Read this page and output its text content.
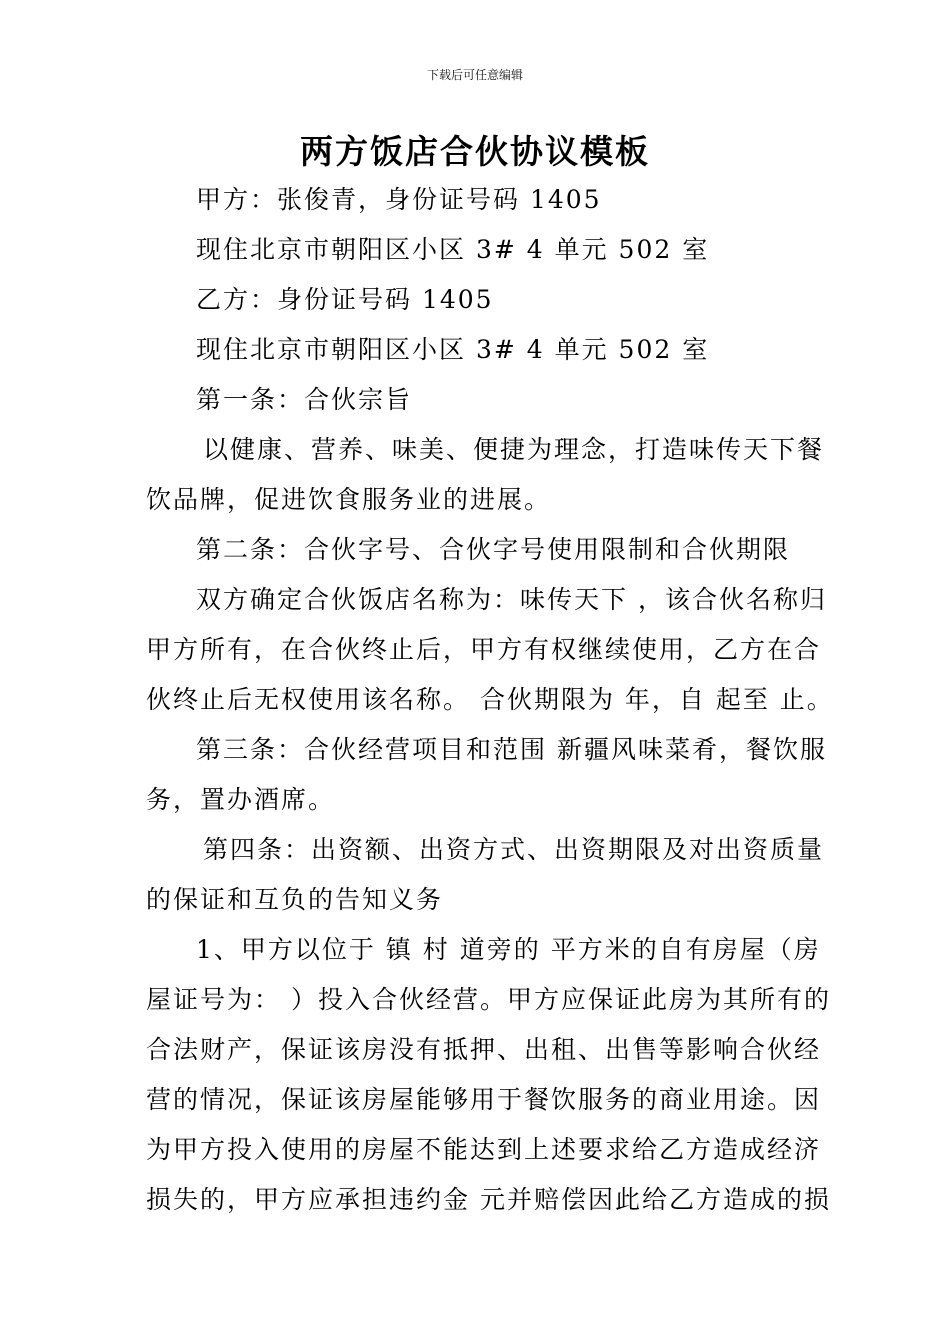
下载后可任意编辑
两方饭店合伙协议模板
甲方：张俊青，身份证号码 1405
现住北京市朝阳区小区 3# 4 单元 502 室
乙方：身份证号码 1405
现住北京市朝阳区小区 3# 4 单元 502 室
第一条：合伙宗旨
以健康、营养、味美、便捷为理念，打造味传天下餐
饮品牌，促进饮食服务业的进展。
第二条：合伙字号、合伙字号使用限制和合伙期限
双方确定合伙饭店名称为：味传天下 ，该合伙名称归
甲方所有，在合伙终止后，甲方有权继续使用，乙方在合
伙终止后无权使用该名称。 合伙期限为 年，自 起至 止。
第三条：合伙经营项目和范围 新疆风味菜肴，餐饮服
务，置办酒席。
第四条：出资额、出资方式、出资期限及对出资质量
的保证和互负的告知义务
1、甲方以位于 镇 村 道旁的 平方米的自有房屋（房
屋证号为： ）投入合伙经营。甲方应保证此房为其所有的
合法财产，保证该房没有抵押、出租、出售等影响合伙经
营的情况，保证该房屋能够用于餐饮服务的商业用途。因
为甲方投入使用的房屋不能达到上述要求给乙方造成经济
损失的，甲方应承担违约金 元并赔偿因此给乙方造成的损
